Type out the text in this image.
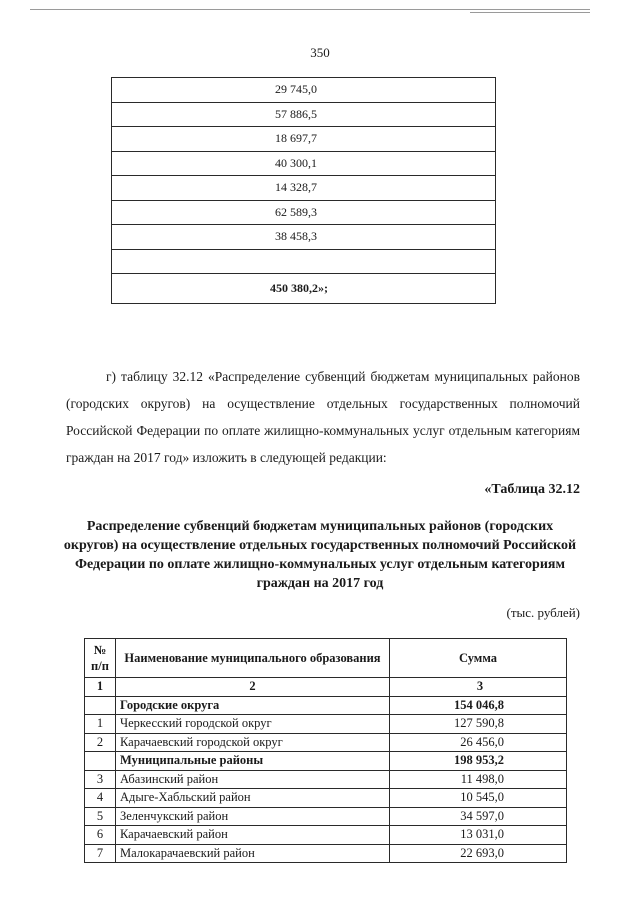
350
29 745,0
57 886,5
18 697,7
40 300,1
14 328,7
62 589,3
38 458,3

450 380,2»;
г) таблицу 32.12 «Распределение субвенций бюджетам муниципальных районов (городских округов) на осуществление отдельных государственных полномочий Российской Федерации по оплате жилищно-коммунальных услуг отдельным категориям граждан на 2017 год» изложить в следующей редакции:
«Таблица 32.12
Распределение субвенций бюджетам муниципальных районов (городских округов) на осуществление отдельных государственных полномочий Российской Федерации по оплате жилищно-коммунальных услуг отдельным категориям граждан на 2017 год
(тыс. рублей)
№ п/п	Наименование муниципального образования	Сумма
1	2	3
	Городские округа	154 046,8
1	Черкесский городской округ	127 590,8
2	Карачаевский городской округ	26 456,0
	Муниципальные районы	198 953,2
3	Абазинский район	11 498,0
4	Адыге-Хабльский район	10 545,0
5	Зеленчукский район	34 597,0
6	Карачаевский район	13 031,0
7	Малокарачаевский район	22 693,0
